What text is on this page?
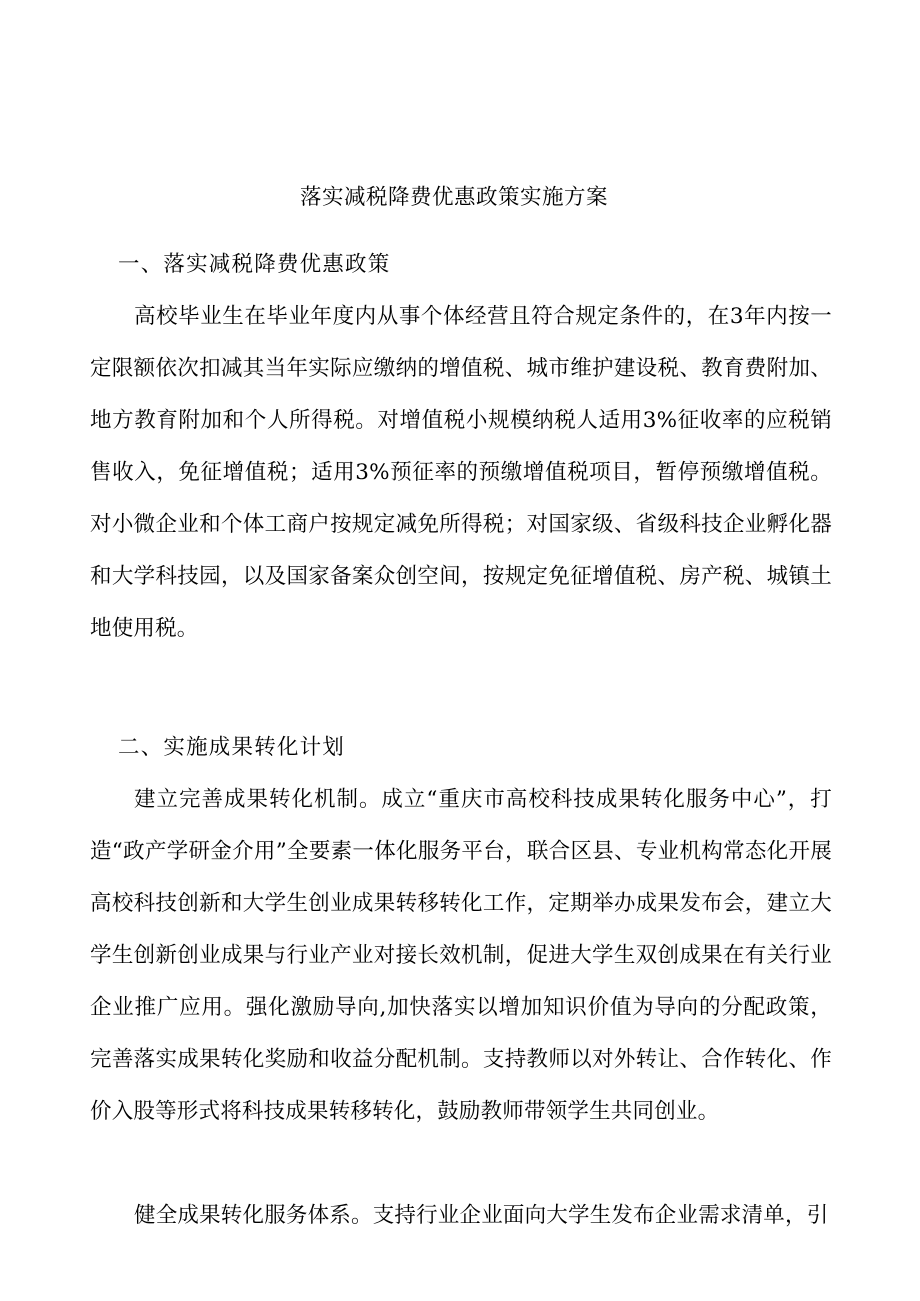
落实减税降费优惠政策实施方案
一、落实减税降费优惠政策

高校毕业生在毕业年度内从事个体经营且符合规定条件的，在3年内按一定限额依次扣减其当年实际应缴纳的增值税、城市维护建设税、教育费附加、地方教育附加和个人所得税。对增值税小规模纳税人适用3%征收率的应税销售收入，免征增值税；适用3%预征率的预缴增值税项目，暂停预缴增值税。对小微企业和个体工商户按规定减免所得税；对国家级、省级科技企业孵化器和大学科技园，以及国家备案众创空间，按规定免征增值税、房产税、城镇土地使用税。

二、实施成果转化计划

建立完善成果转化机制。成立“重庆市高校科技成果转化服务中心”，打造“政产学研金介用”全要素一体化服务平台，联合区县、专业机构常态化开展高校科技创新和大学生创业成果转移转化工作，定期举办成果发布会，建立大学生创新创业成果与行业产业对接长效机制，促进大学生双创成果在有关行业企业推广应用。强化激励导向,加快落实以增加知识价值为导向的分配政策，完善落实成果转化奖励和收益分配机制。支持教师以对外转让、合作转化、作价入股等形式将科技成果转移转化，鼓励教师带领学生共同创业。

健全成果转化服务体系。支持行业企业面向大学生发布企业需求清单，引
